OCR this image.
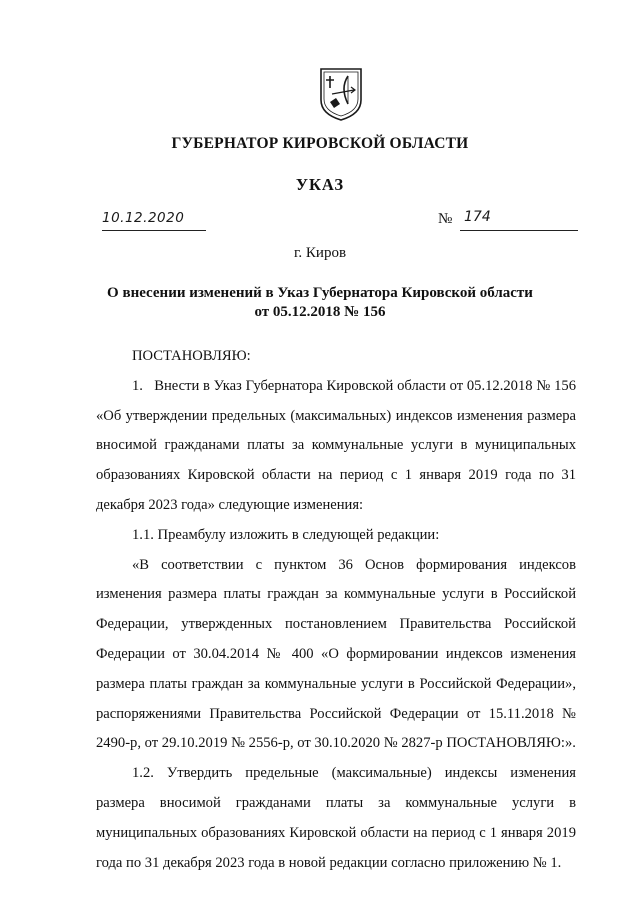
ГУБЕРНАТОР КИРОВСКОЙ ОБЛАСТИ
УКАЗ
10.12.2020	№ 174
г. Киров
О внесении изменений в Указ Губернатора Кировской области
от 05.12.2018 № 156

ПОСТАНОВЛЯЮ:

1.   Внести в Указ Губернатора Кировской области от 05.12.2018 № 156 «Об утверждении предельных (максимальных) индексов изменения размера вносимой гражданами платы за коммунальные услуги в муниципальных образованиях Кировской области на период с 1 января 2019 года по 31 декабря 2023 года» следующие изменения:

1.1. Преамбулу изложить в следующей редакции:

«В соответствии с пунктом 36 Основ формирования индексов изменения размера платы граждан за коммунальные услуги в Российской Федерации, утвержденных постановлением Правительства Российской Федерации от 30.04.2014 № 400 «О формировании индексов изменения размера платы граждан за коммунальные услуги в Российской Федерации», распоряжениями Правительства Российской Федерации от 15.11.2018 № 2490-р, от 29.10.2019 № 2556-р, от 30.10.2020 № 2827-р ПОСТАНОВЛЯЮ:».

1.2. Утвердить предельные (максимальные) индексы изменения размера вносимой гражданами платы за коммунальные услуги в муниципальных образованиях Кировской области на период с 1 января 2019 года по 31 декабря 2023 года в новой редакции согласно приложению № 1.
